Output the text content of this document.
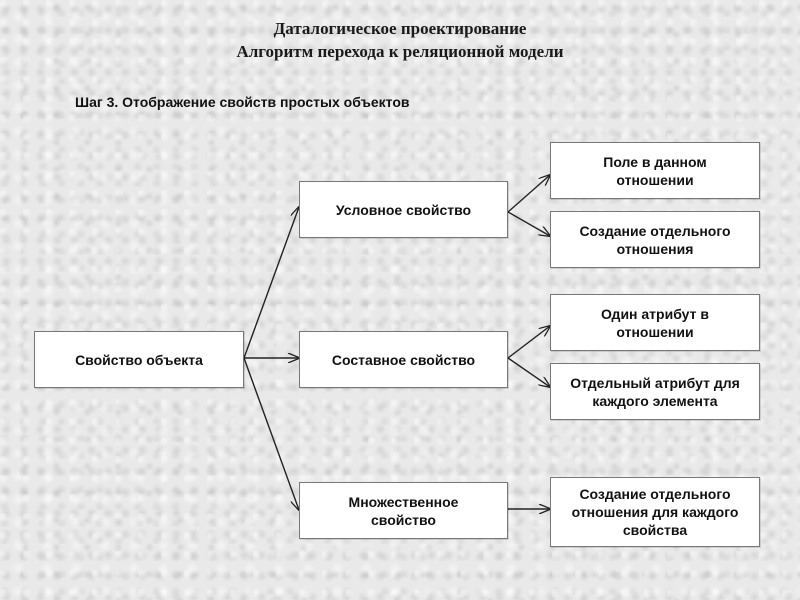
Даталогическое проектирование
Алгоритм перехода к реляционной модели
Шаг 3. Отображение свойств простых объектов
Свойство объекта
Условное свойство
Составное свойство
Множественное свойство
Поле в данном отношении
Создание отдельного отношения
Один атрибут в отношении
Отдельный атрибут для каждого элемента
Создание отдельного отношения для каждого свойства
